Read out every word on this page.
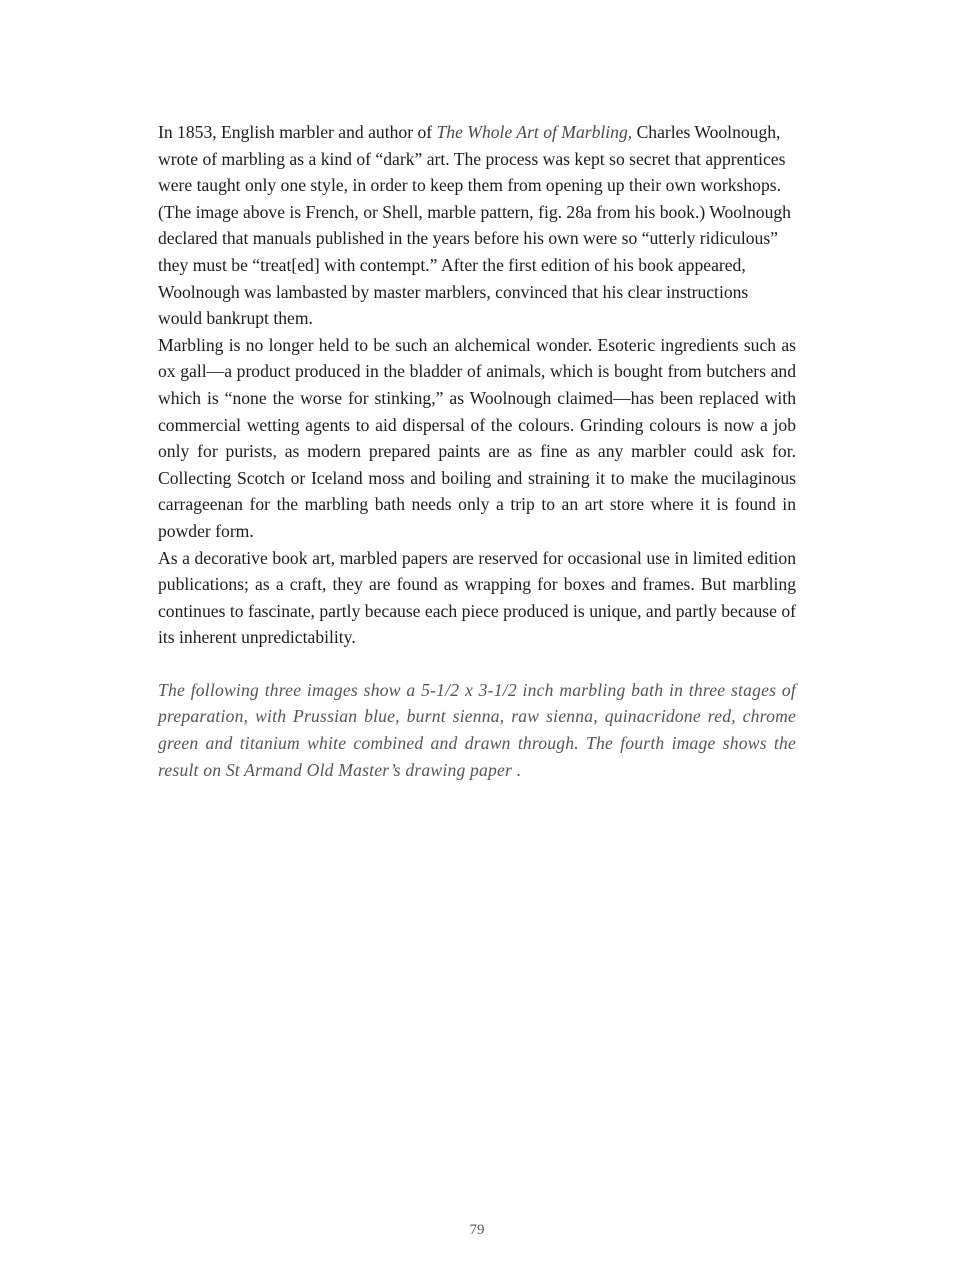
In 1853, English marbler and author of The Whole Art of Marbling, Charles Woolnough, wrote of marbling as a kind of “dark” art. The process was kept so secret that apprentices were taught only one style, in order to keep them from opening up their own workshops. (The image above is French, or Shell, marble pattern, fig. 28a from his book.) Woolnough declared that manuals published in the years before his own were so “utterly ridiculous” they must be “treat[ed] with contempt.” After the first edition of his book appeared, Woolnough was lambasted by master marblers, convinced that his clear instructions would bankrupt them.

Marbling is no longer held to be such an alchemical wonder. Esoteric ingredients such as ox gall—a product produced in the bladder of animals, which is bought from butchers and which is “none the worse for stinking,” as Woolnough claimed—has been replaced with commercial wetting agents to aid dispersal of the colours. Grinding colours is now a job only for purists, as modern prepared paints are as fine as any marbler could ask for. Collecting Scotch or Iceland moss and boiling and straining it to make the mucilaginous carrageenan for the marbling bath needs only a trip to an art store where it is found in powder form.

As a decorative book art, marbled papers are reserved for occasional use in limited edition publications; as a craft, they are found as wrapping for boxes and frames. But marbling continues to fascinate, partly because each piece produced is unique, and partly because of its inherent unpredictability.

The following three images show a 5-1/2 x 3-1/2 inch marbling bath in three stages of preparation, with Prussian blue, burnt sienna, raw sienna, quinacridone red, chrome green and titanium white combined and drawn through. The fourth image shows the result on St Armand Old Master’s drawing paper .

79
